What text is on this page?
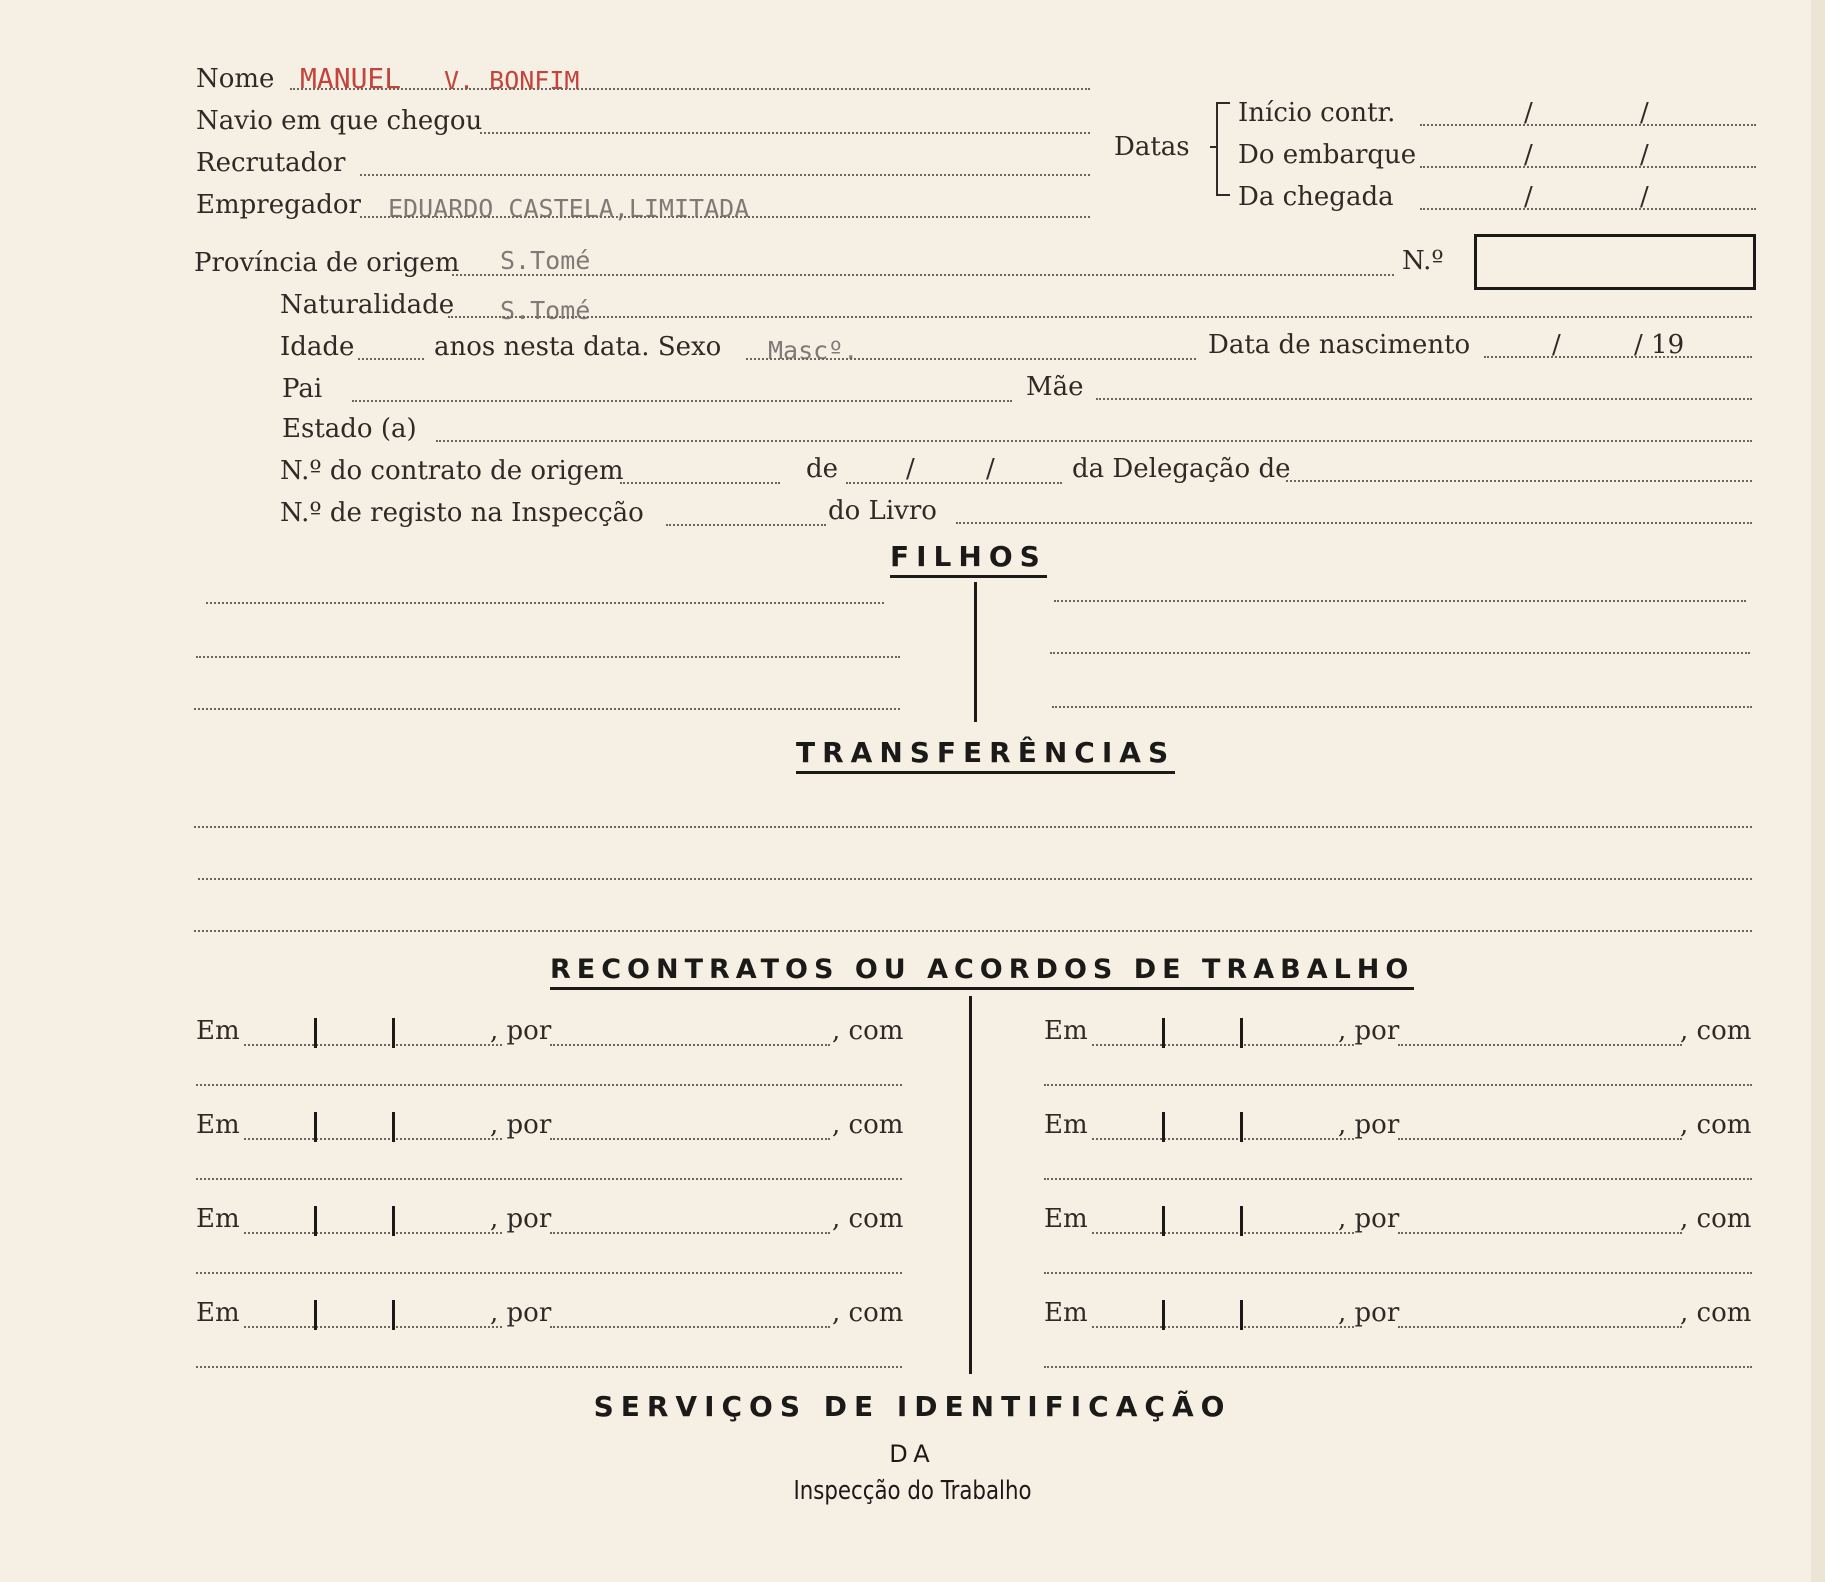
Nome MANUEL V. BONFIM
Navio em que chegou
Recrutador
Empregador EDUARDO CASTELA,LIMITADA
Datas
Início contr.	/	/
Do embarque	/	/
Da chegada	/	/
Província de origem S.Tomé	N.º
Naturalidade S.Tomé
Idade	anos nesta data. Sexo Mascº.	Data de nascimento	/	/ 19
Pai	Mãe
Estado (a)
N.º do contrato de origem	de	/	/	da Delegação de
N.º de registo na Inspecção	do Livro
FILHOS
TRANSFERÊNCIAS
RECONTRATOS OU ACORDOS DE TRABALHO
Em	, por	, com	Em	, por	, com
Em	, por	, com	Em	, por	, com
Em	, por	, com	Em	, por	, com
Em	, por	, com	Em	, por	, com
SERVIÇOS DE IDENTIFICAÇÃO
DA
Inspecção do Trabalho
